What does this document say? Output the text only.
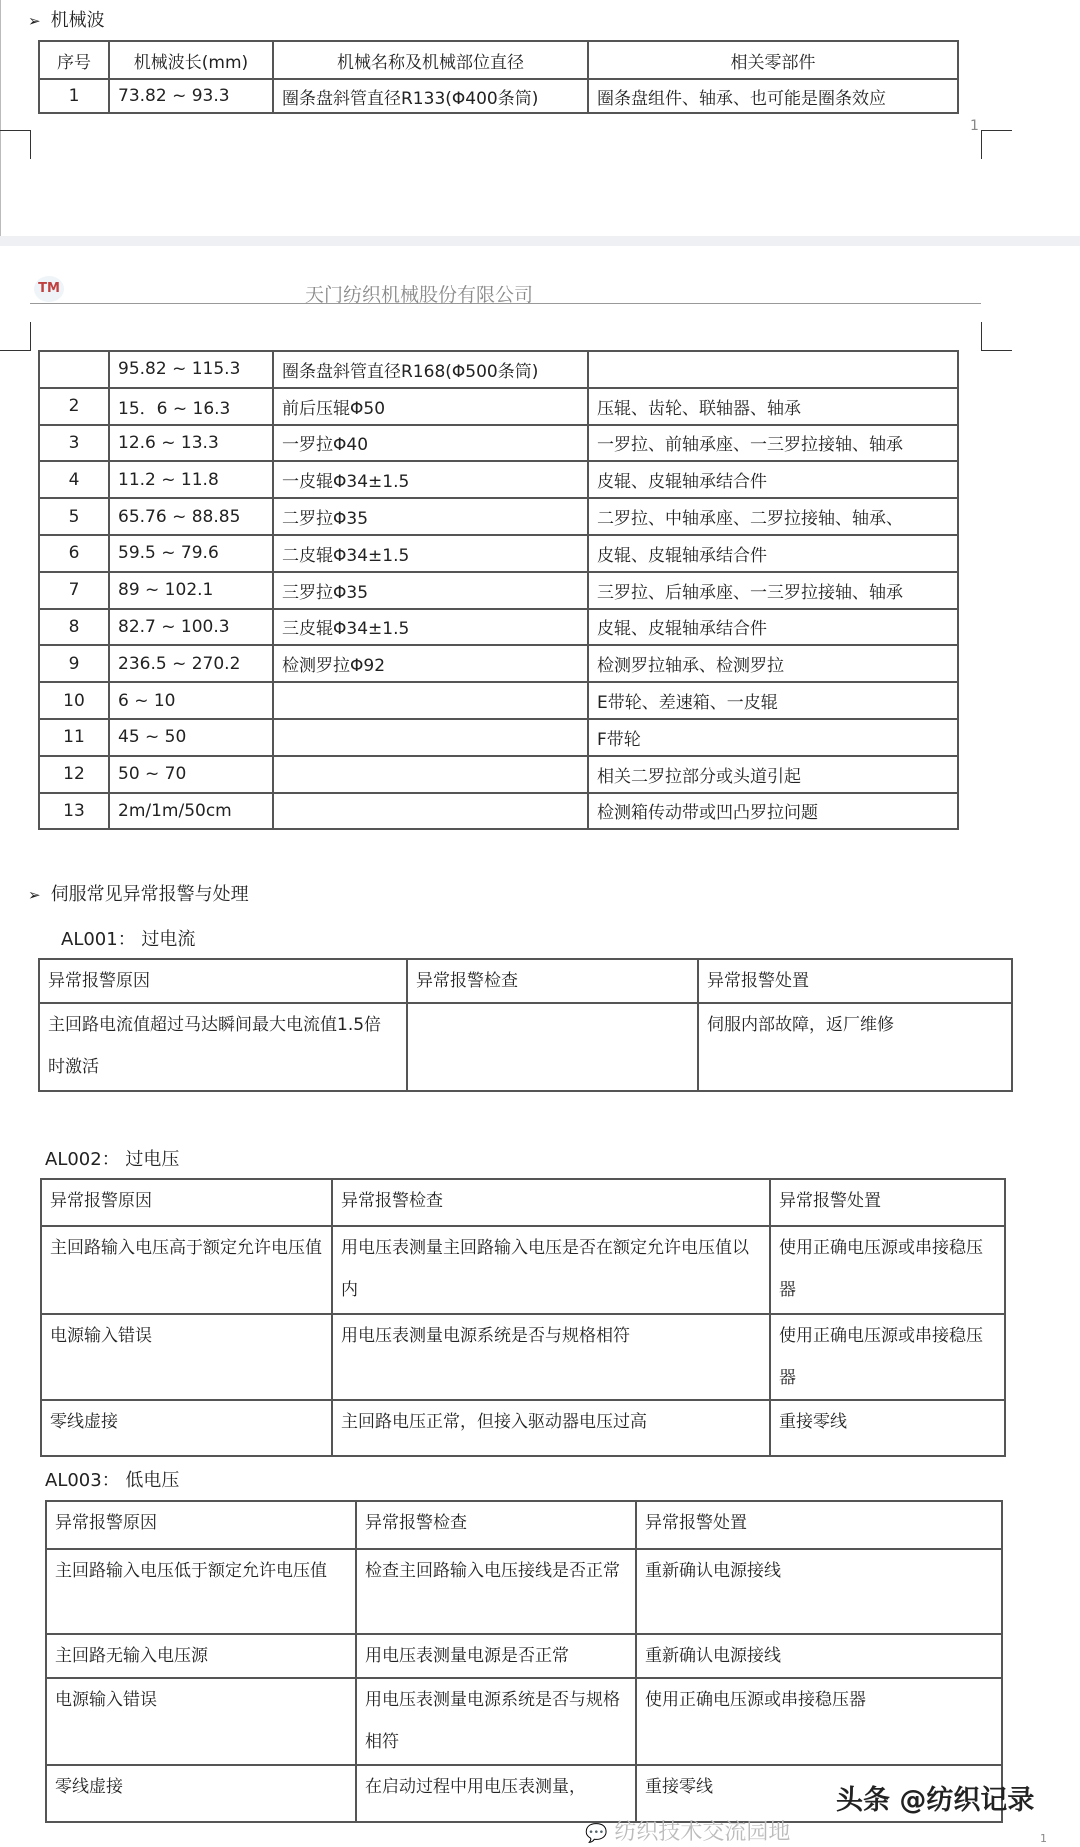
➢ 机械波
序号	机械波长(mm)	机械名称及机械部位直径	相关零部件
1	73.82 ~ 93.3	圈条盘斜管直径R133(Φ400条筒)	圈条盘组件、轴承、也可能是圈条效应
1
TM	天门纺织机械股份有限公司
	95.82 ~ 115.3	圈条盘斜管直径R168(Φ500条筒)	
2	15．6 ~ 16.3	前后压辊Φ50	压辊、齿轮、联轴器、轴承
3	12.6 ~ 13.3	一罗拉Φ40	一罗拉、前轴承座、一三罗拉接轴、轴承
4	11.2 ~ 11.8	一皮辊Φ34±1.5	皮辊、皮辊轴承结合件
5	65.76 ~ 88.85	二罗拉Φ35	二罗拉、中轴承座、二罗拉接轴、轴承、
6	59.5 ~ 79.6	二皮辊Φ34±1.5	皮辊、皮辊轴承结合件
7	89 ~ 102.1	三罗拉Φ35	三罗拉、后轴承座、一三罗拉接轴、轴承
8	82.7 ~ 100.3	三皮辊Φ34±1.5	皮辊、皮辊轴承结合件
9	236.5 ~ 270.2	检测罗拉Φ92	检测罗拉轴承、检测罗拉
10	6 ~ 10		E带轮、差速箱、一皮辊
11	45 ~ 50		F带轮
12	50 ~ 70		相关二罗拉部分或头道引起
13	2m/1m/50cm		检测箱传动带或凹凸罗拉问题
➢ 伺服常见异常报警与处理
AL001： 过电流
异常报警原因	异常报警检查	异常报警处置
主回路电流值超过马达瞬间最大电流值1.5倍时激活		伺服内部故障，返厂维修
AL002： 过电压
异常报警原因	异常报警检查	异常报警处置
主回路输入电压高于额定允许电压值	用电压表测量主回路输入电压是否在额定允许电压值以内	使用正确电压源或串接稳压器
电源输入错误	用电压表测量电源系统是否与规格相符	使用正确电压源或串接稳压器
零线虚接	主回路电压正常，但接入驱动器电压过高	重接零线
AL003： 低电压
异常报警原因	异常报警检查	异常报警处置
主回路输入电压低于额定允许电压值	检查主回路输入电压接线是否正常	重新确认电源接线
主回路无输入电压源	用电压表测量电源是否正常	重新确认电源接线
电源输入错误	用电压表测量电源系统是否与规格相符	使用正确电压源或串接稳压器
零线虚接	在启动过程中用电压表测量，	重接零线
💬 纺织技术交流园地
头条 @纺织记录
1
